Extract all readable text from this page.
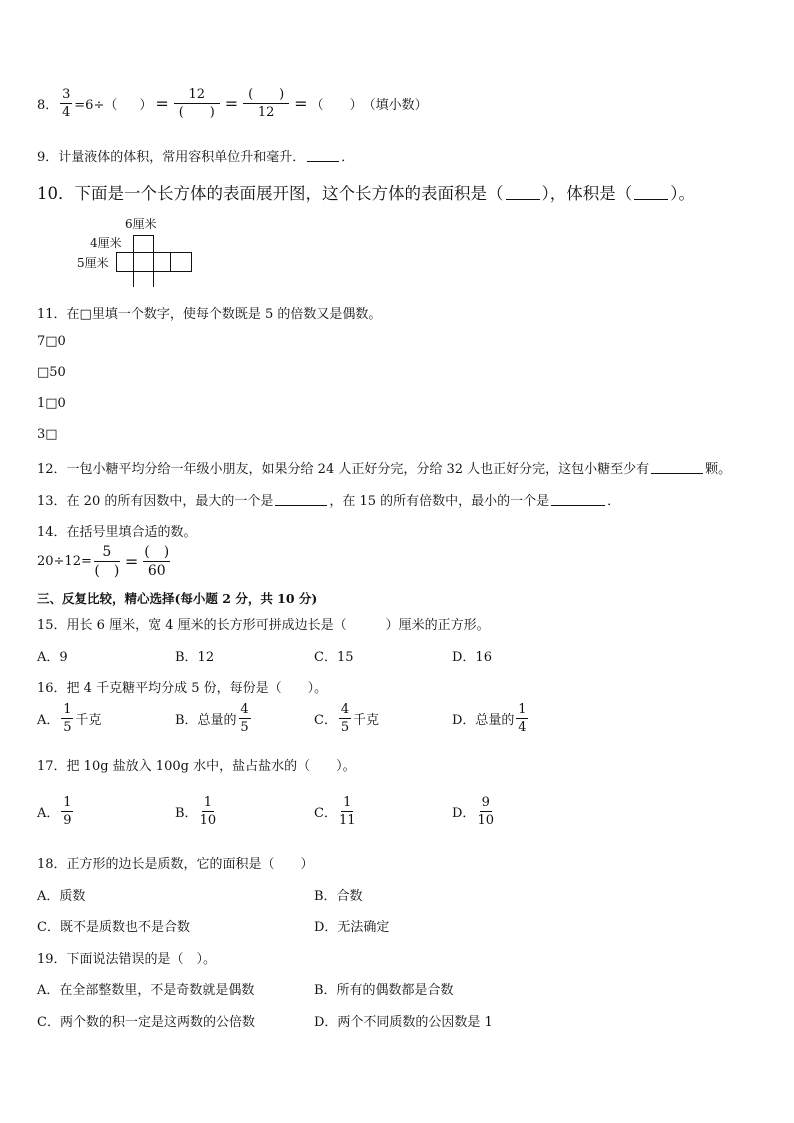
8． $\frac{3}{4} =6\div$（ ） = $\frac{12}{( )} = \frac{( )}{12}$ = （　　） （填小数）
9．计量液体的体积，常用容积单位升和毫升．	．
10．下面是一个长方体的表面展开图，这个长方体的表面积是（ ），体积是（ ）。
6厘米
4厘米
5厘米
11．在□里填一个数字，使每个数既是 5 的倍数又是偶数。
7□0
□50
1□0
3□
12．一包小糖平均分给一年级小朋友，如果分给 24 人正好分完，分给 32 人也正好分完，这包小糖至少有	颗。
13．在 20 的所有因数中，最大的一个是	，在 15 的所有倍数中，最小的一个是	．
14．在括号里填合适的数。
$20\div 12= \frac{5}{( )} = \frac{( )}{60}$
三、反复比较，精心选择(每小题 2 分，共 10 分)
15．用长 6 厘米，宽 4 厘米的长方形可拼成边长是（　　　）厘米的正方形。
A．9	B．12	C．15	D．16
16．把 4 千克糖平均分成 5 份，每份是（　　）。
A． $\frac{1}{5}$ 千克	B．总量的 $\frac{4}{5}$	C． $\frac{4}{5}$ 千克	D．总量的 $\frac{1}{4}$
17．把 10g 盐放入 100g 水中，盐占盐水的（　　）。
A． $\frac{1}{9}$	B． $\frac{1}{10}$	C． $\frac{1}{11}$	D． $\frac{9}{10}$
18．正方形的边长是质数，它的面积是（　　）
A．质数	B．合数
C．既不是质数也不是合数	D．无法确定
19．下面说法错误的是（　）。
A．在全部整数里，不是奇数就是偶数	B．所有的偶数都是合数
C．两个数的积一定是这两数的公倍数	D．两个不同质数的公因数是 1
